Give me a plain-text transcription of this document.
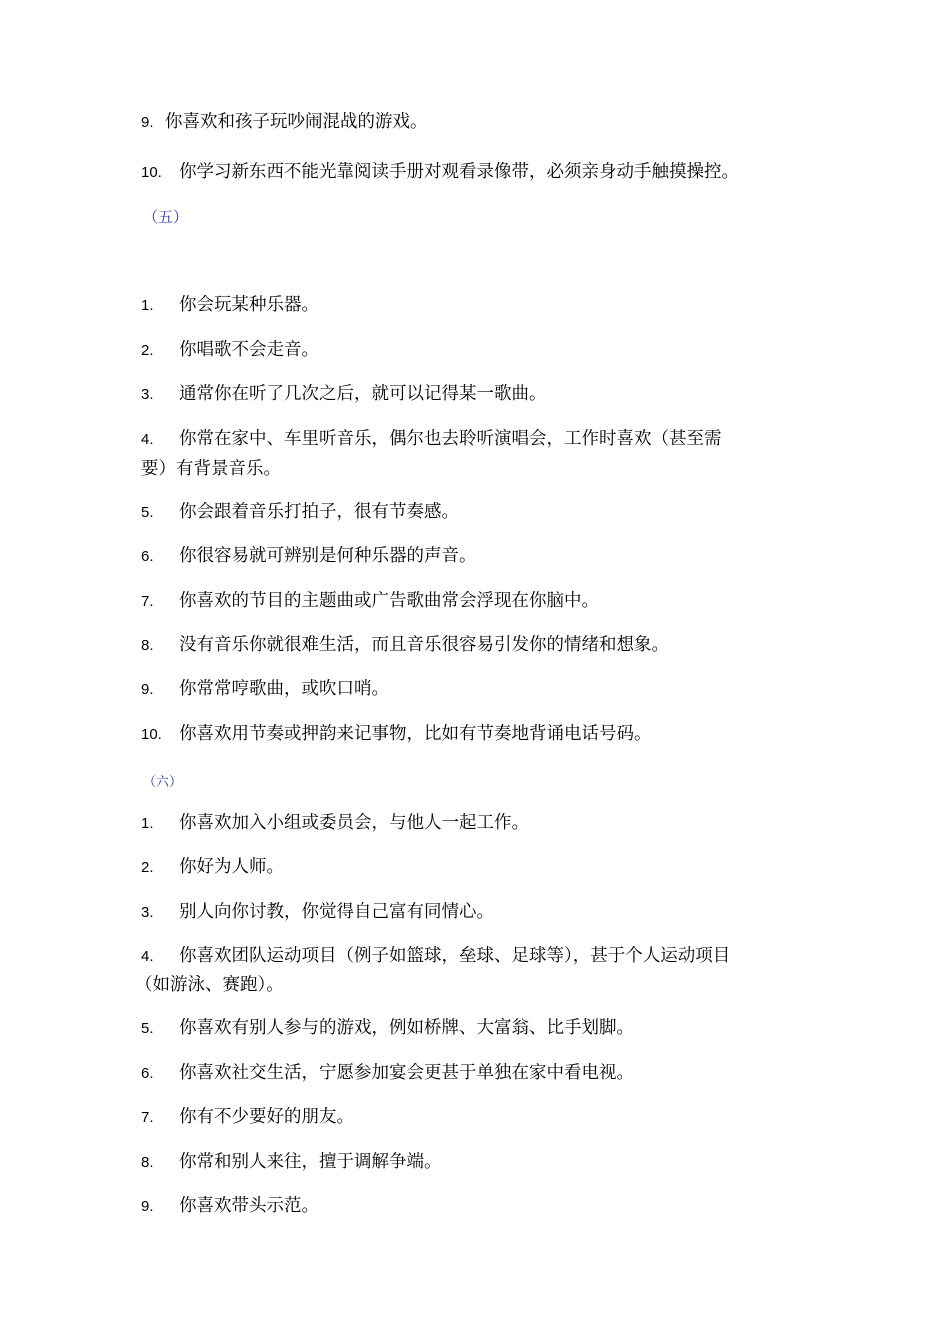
9. 你喜欢和孩子玩吵闹混战的游戏。
10. 你学习新东西不能光靠阅读手册对观看录像带，必须亲身动手触摸操控。
（五）
1. 你会玩某种乐器。
2. 你唱歌不会走音。
3. 通常你在听了几次之后，就可以记得某一歌曲。
4. 你常在家中、车里听音乐，偶尔也去聆听演唱会，工作时喜欢（甚至需
要）有背景音乐。
5. 你会跟着音乐打拍子，很有节奏感。
6. 你很容易就可辨别是何种乐器的声音。
7. 你喜欢的节目的主题曲或广告歌曲常会浮现在你脑中。
8. 没有音乐你就很难生活，而且音乐很容易引发你的情绪和想象。
9. 你常常哼歌曲，或吹口哨。
10. 你喜欢用节奏或押韵来记事物，比如有节奏地背诵电话号码。
（六）
1. 你喜欢加入小组或委员会，与他人一起工作。
2. 你好为人师。
3. 别人向你讨教，你觉得自己富有同情心。
4. 你喜欢团队运动项目（例子如篮球，垒球、足球等），甚于个人运动项目
（如游泳、赛跑）。
5. 你喜欢有别人参与的游戏，例如桥牌、大富翁、比手划脚。
6. 你喜欢社交生活，宁愿参加宴会更甚于单独在家中看电视。
7. 你有不少要好的朋友。
8. 你常和别人来往，擅于调解争端。
9. 你喜欢带头示范。
